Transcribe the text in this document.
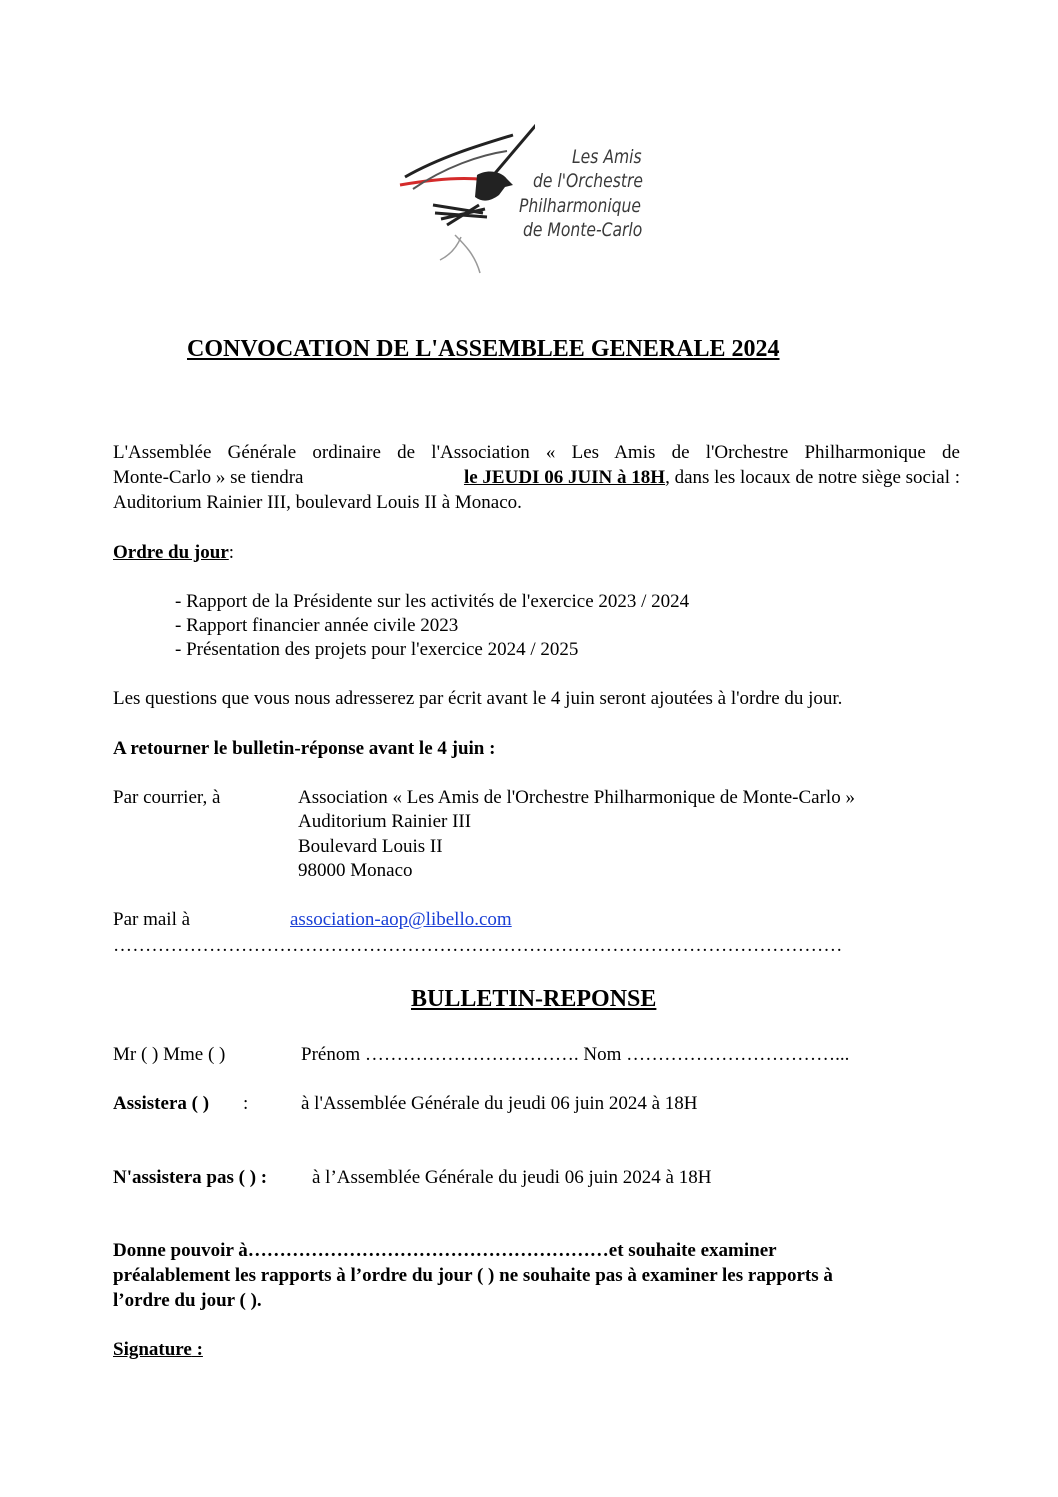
Les Amis
de l'Orchestre
Philharmonique
de Monte-Carlo
CONVOCATION DE L'ASSEMBLEE GENERALE 2024
L'Assemblée Générale ordinaire de l'Association « Les Amis de l'Orchestre Philharmonique de
Monte-Carlo » se tiendra	le JEUDI 06 JUIN à 18H, dans les locaux de notre siège social :
Auditorium Rainier III, boulevard Louis II à Monaco.
Ordre du jour:
- Rapport de la Présidente sur les activités de l'exercice 2023 / 2024
- Rapport financier année civile 2023
- Présentation des projets pour l'exercice 2024 / 2025
Les questions que vous nous adresserez par écrit avant le 4 juin seront ajoutées à l'ordre du jour.
A retourner le bulletin-réponse avant le 4 juin :
Par courrier, à	Association « Les Amis de l'Orchestre Philharmonique de Monte-Carlo »
Auditorium Rainier III
Boulevard Louis II
98000 Monaco
Par mail à	association-aop@libello.com
……………………………………………………………………………………………………
BULLETIN-REPONSE
Mr ( ) Mme ( )	Prénom ……………………………. Nom ……………………………...
Assistera ( ) :	à l'Assemblée Générale du jeudi 06 juin 2024 à 18H
N'assistera pas ( ) : à l’Assemblée Générale du jeudi 06 juin 2024 à 18H
Donne pouvoir à…………………………………………………et souhaite examiner
préalablement les rapports à l’ordre du jour ( ) ne souhaite pas à examiner les rapports à
l’ordre du jour ( ).
Signature :
